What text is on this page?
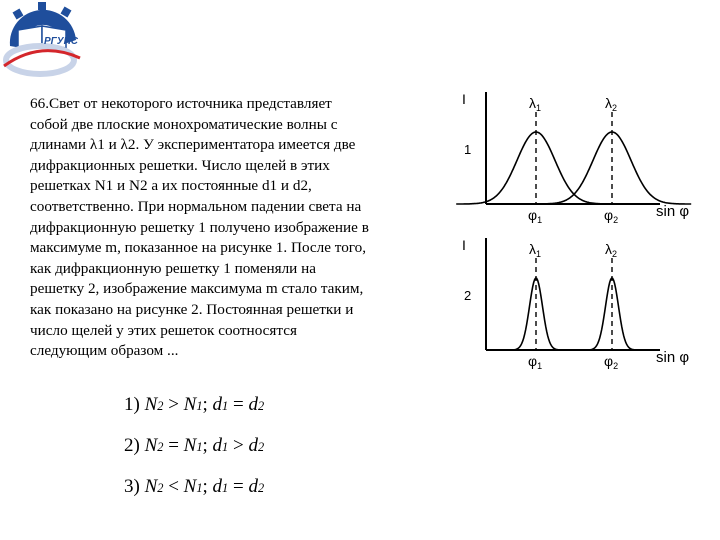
РГУПС

66.Свет от некоторого источника представляет
собой две плоские монохроматические волны с
длинами λ1 и λ2. У экспериментатора имеется две
дифракционных решетки. Число щелей в этих
решетках N1 и N2 а их постоянные d1 и d2,
соответственно. При нормальном падении света на
дифракционную решетку 1 получено изображение в
максимуме m, показанное на рисунке 1. После того,
как дифракционную решетку 1 поменяли на
решетку 2, изображение максимума m стало таким,
как показано на рисунке 2. Постоянная решетки и
число щелей у этих решеток соотносятся
следующим образом ...

1) N2 > N1; d1 = d2
2) N2 = N1; d1 > d2
3) N2 < N1; d1 = d2
I
1
sin φ
$\lambda_1$
$\varphi_1$
$\lambda_2$
$\varphi_2$
I
2
sin φ
$\lambda_1$
$\varphi_1$
$\lambda_2$
$\varphi_2$
